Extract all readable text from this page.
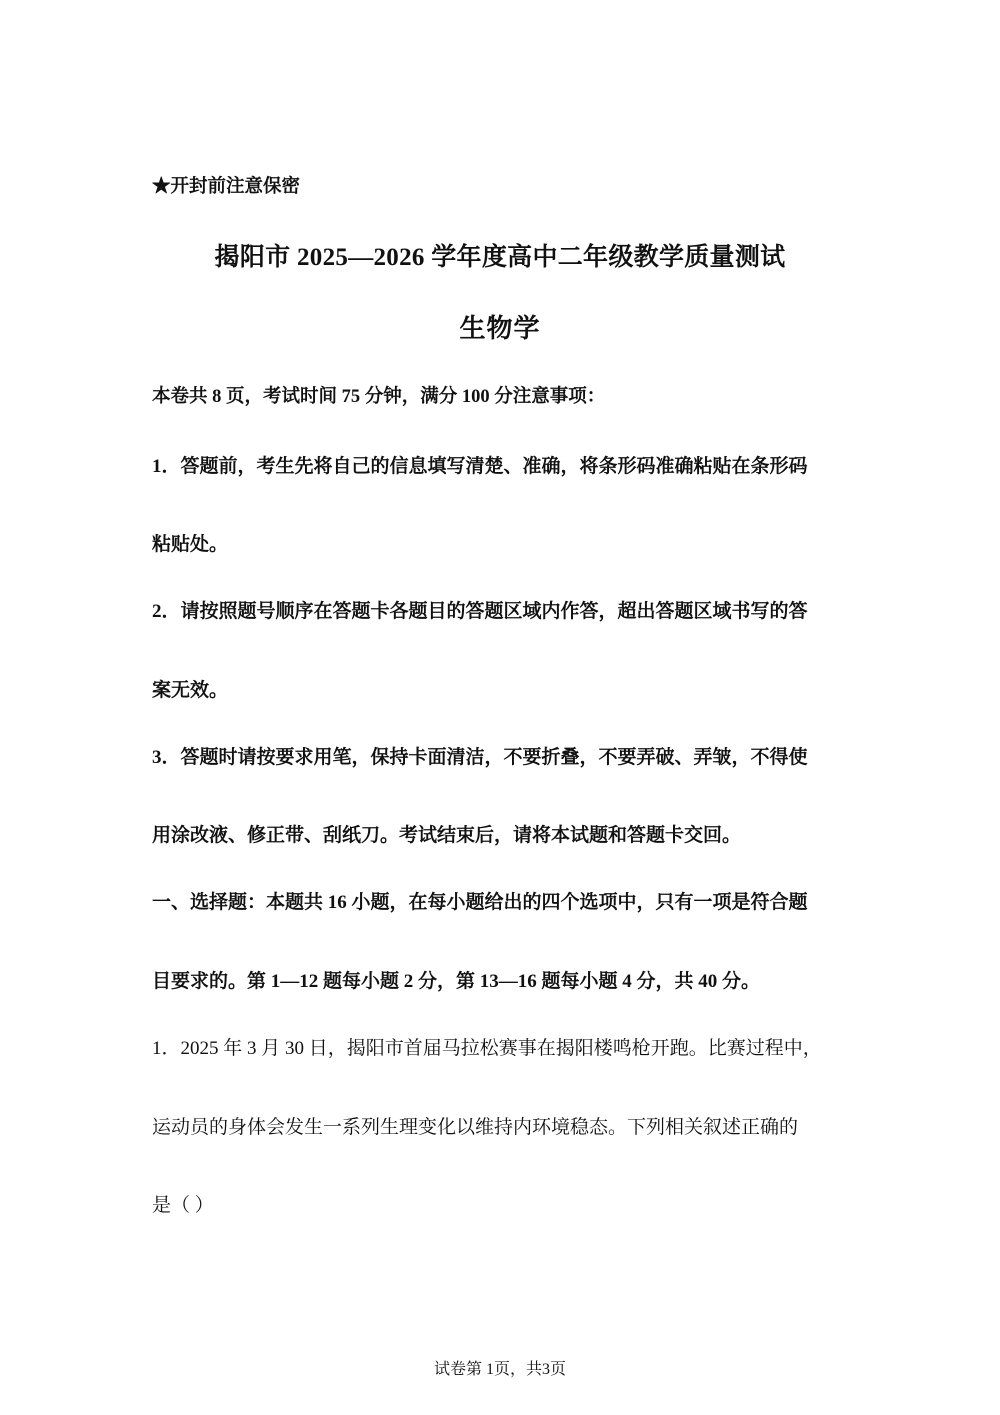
★开封前注意保密
揭阳市 2025—2026 学年度高中二年级教学质量测试
生物学
本卷共 8 页，考试时间 75 分钟，满分 100 分注意事项：
1．答题前，考生先将自己的信息填写清楚、准确，将条形码准确粘贴在条形码
粘贴处。
2．请按照题号顺序在答题卡各题目的答题区域内作答，超出答题区域书写的答
案无效。
3．答题时请按要求用笔，保持卡面清洁，不要折叠，不要弄破、弄皱，不得使
用涂改液、修正带、刮纸刀。考试结束后，请将本试题和答题卡交回。
一、选择题：本题共 16 小题，在每小题给出的四个选项中，只有一项是符合题
目要求的。第 1—12 题每小题 2 分，第 13—16 题每小题 4 分，共 40 分。
1．2025 年 3 月 30 日，揭阳市首届马拉松赛事在揭阳楼鸣枪开跑。比赛过程中，
运动员的身体会发生一系列生理变化以维持内环境稳态。下列相关叙述正确的
是（ ）
试卷第 1页，共3页
